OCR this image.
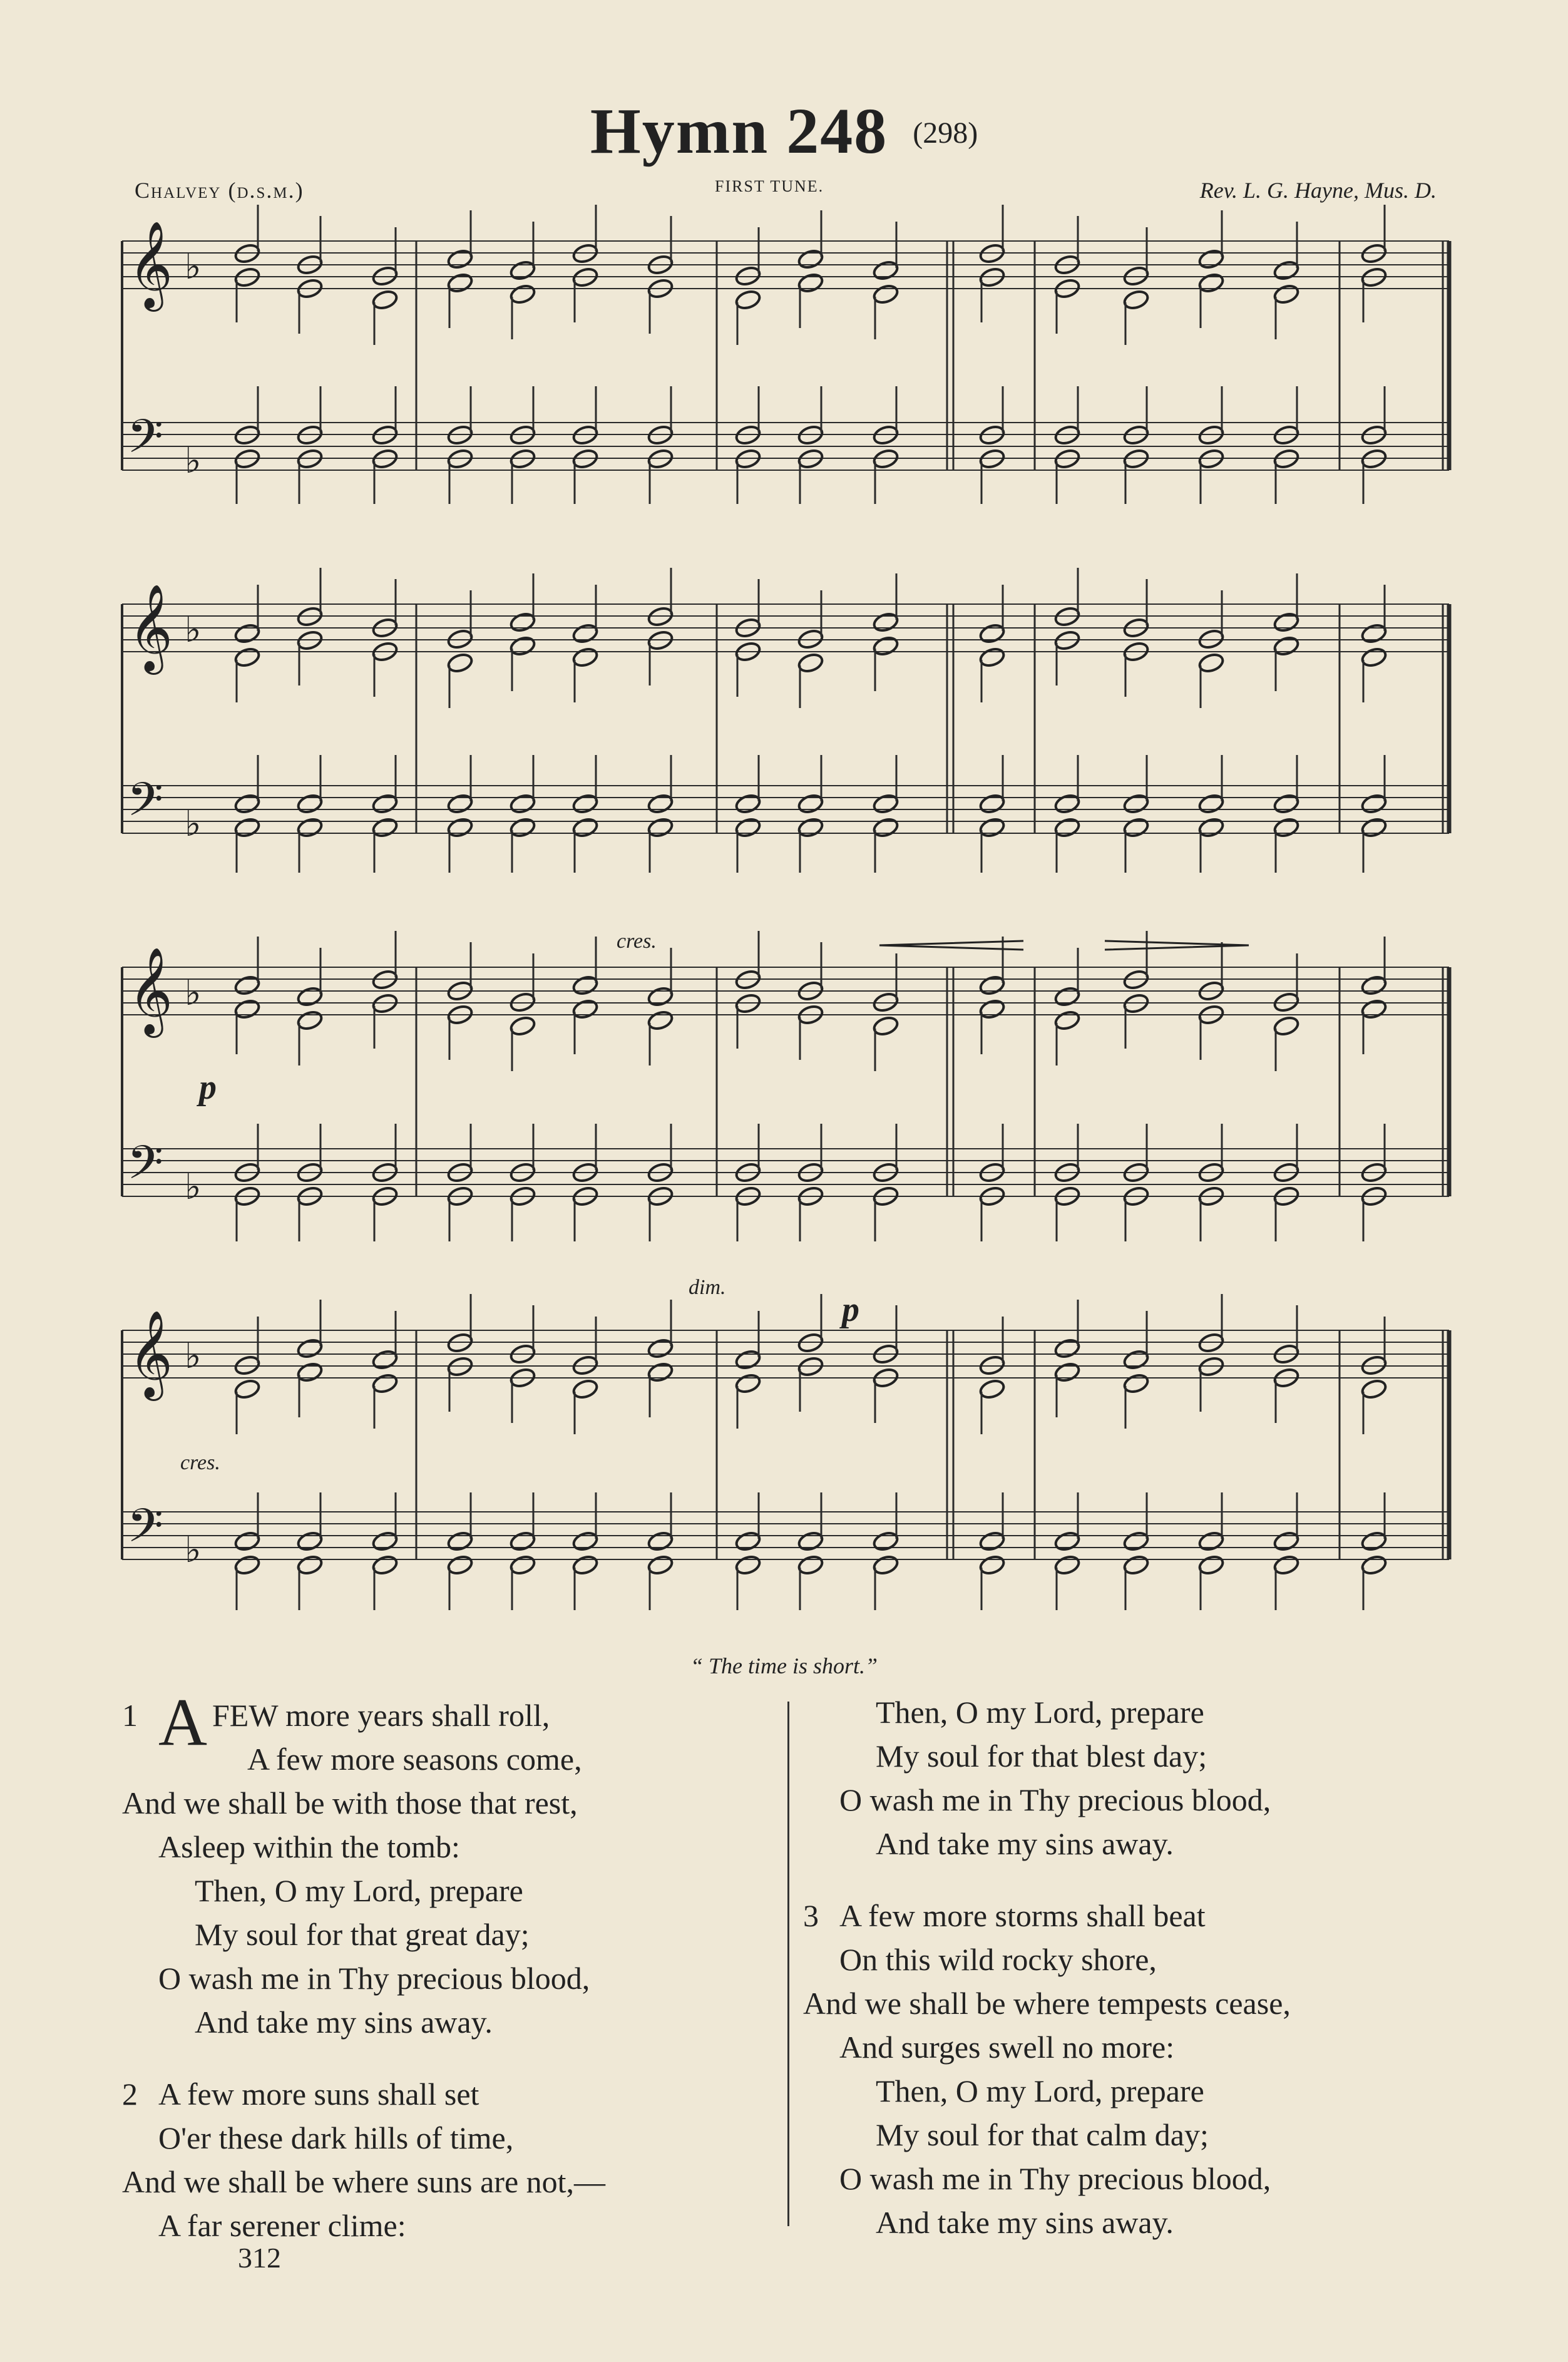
Hymn 248 (298)
Chalvey (d.s.m.)	FIRST TUNE.	Rev. L. G. Hayne, Mus. D.
𝄞
𝄢
♭
♭
𝄞
𝄢
♭
♭
𝄞
𝄢
♭
♭
𝄞
𝄢
♭
♭
cres.
dim.
cres.
p
p
“ The time is short.”
1 A FEW more years shall roll,
A few more seasons come,
And we shall be with those that rest,
Asleep within the tomb:
Then, O my Lord, prepare
My soul for that great day;
O wash me in Thy precious blood,
And take my sins away.
2 A few more suns shall set
O'er these dark hills of time,
And we shall be where suns are not,—
A far serener clime:
Then, O my Lord, prepare
My soul for that blest day;
O wash me in Thy precious blood,
And take my sins away.
3 A few more storms shall beat
On this wild rocky shore,
And we shall be where tempests cease,
And surges swell no more:
Then, O my Lord, prepare
My soul for that calm day;
O wash me in Thy precious blood,
And take my sins away.
312
